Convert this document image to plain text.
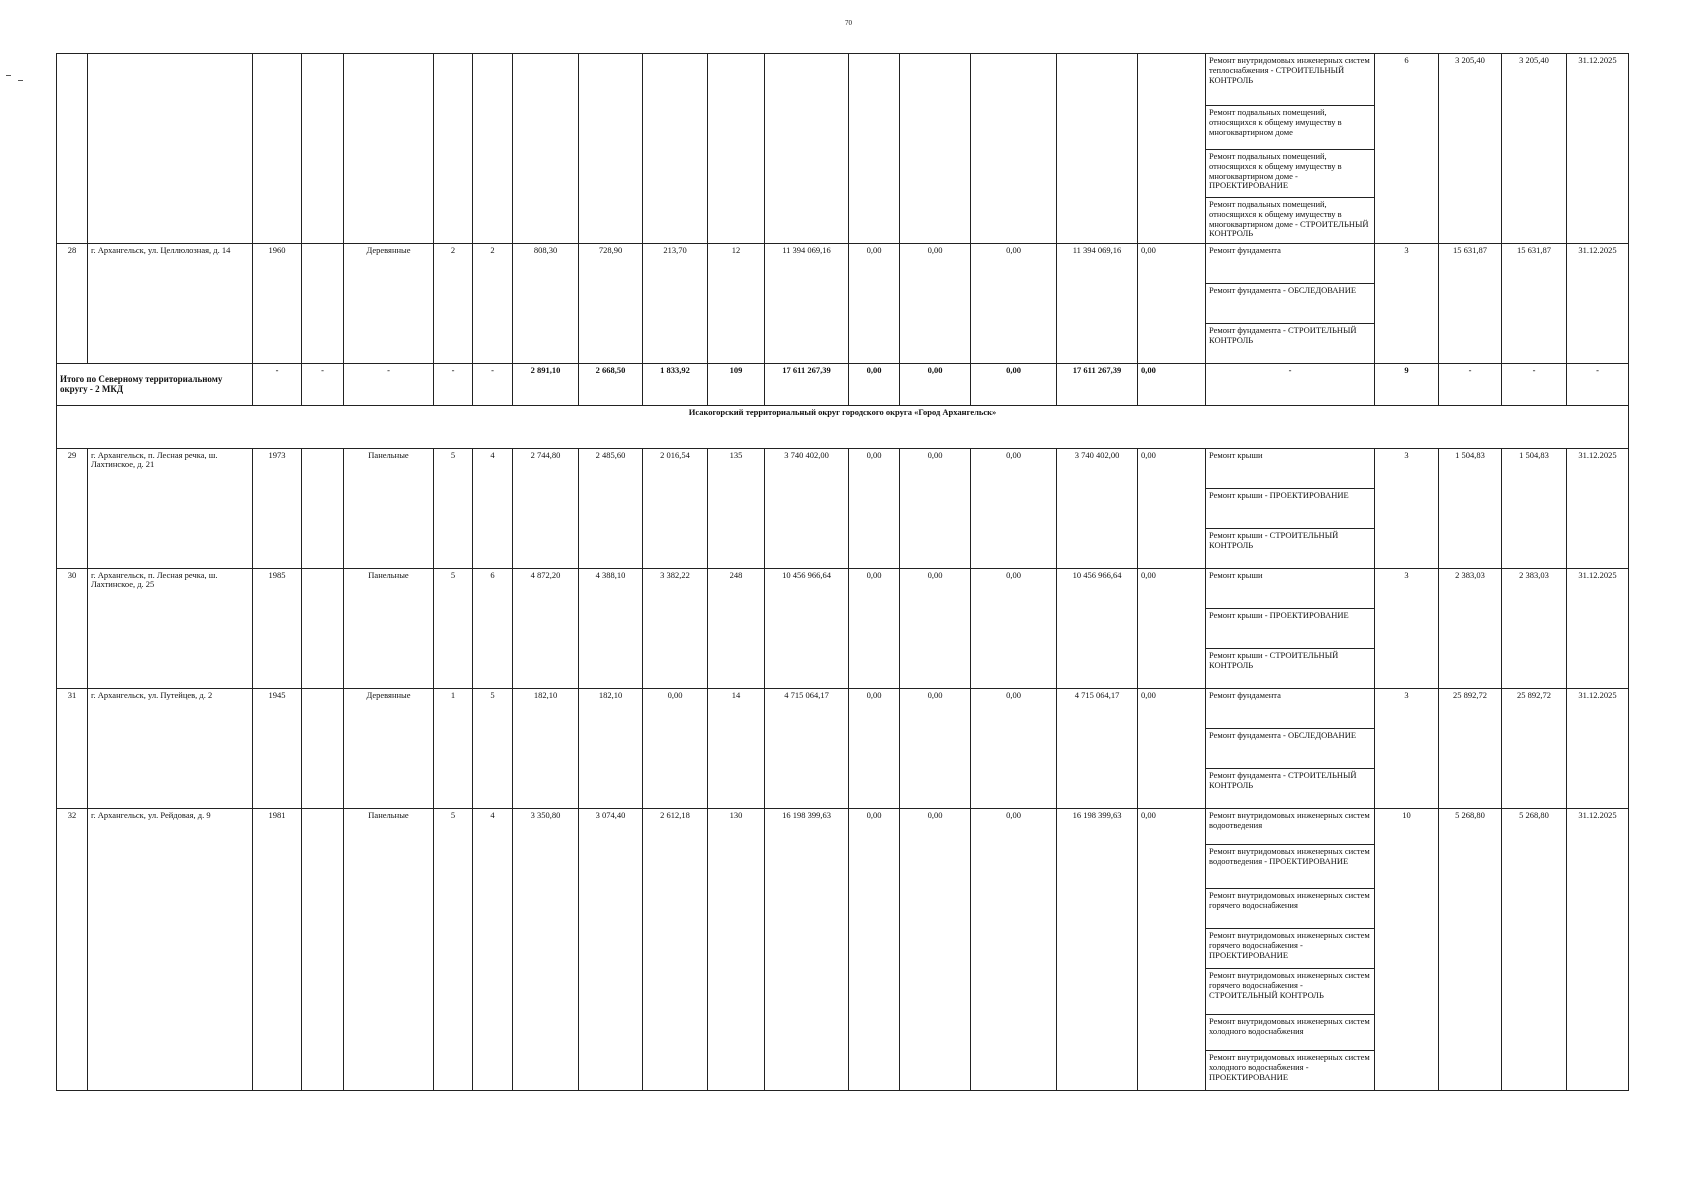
70
																	Ремонт внутридомовых инженерных систем теплоснабжения - СТРОИТЕЛЬНЫЙ КОНТРОЛЬ	6	3 205,40	3 205,40	31.12.2025
																	Ремонт подвальных помещений, относящихся к общему имуществу в многоквартирном доме				
																	Ремонт подвальных помещений, относящихся к общему имуществу в многоквартирном доме - ПРОЕКТИРОВАНИЕ				
																	Ремонт подвальных помещений, относящихся к общему имуществу в многоквартирном доме - СТРОИТЕЛЬНЫЙ КОНТРОЛЬ				
28	г. Архангельск, ул. Целлюлозная, д. 14	1960		Деревянные	2	2	808,30	728,90	213,70	12	11 394 069,16	0,00	0,00	0,00	11 394 069,16	0,00	Ремонт фундамента	3	15 631,87	15 631,87	31.12.2025
																	Ремонт фундамента - ОБСЛЕДОВАНИЕ				
																	Ремонт фундамента - СТРОИТЕЛЬНЫЙ КОНТРОЛЬ				
Итого по Северному территориальному округу - 2 МКД		-	-	-	-	-	2 891,10	2 668,50	1 833,92	109	17 611 267,39	0,00	0,00	0,00	17 611 267,39	0,00	-	9	-	-	-
Исакогорский территориальный округ городского округа «Город Архангельск»																					
29	г. Архангельск, п. Лесная речка, ш. Лахтинское, д. 21	1973		Панельные	5	4	2 744,80	2 485,60	2 016,54	135	3 740 402,00	0,00	0,00	0,00	3 740 402,00	0,00	Ремонт крыши	3	1 504,83	1 504,83	31.12.2025
																	Ремонт крыши - ПРОЕКТИРОВАНИЕ				
																	Ремонт крыши - СТРОИТЕЛЬНЫЙ КОНТРОЛЬ				
30	г. Архангельск, п. Лесная речка, ш. Лахтинское, д. 25	1985		Панельные	5	6	4 872,20	4 388,10	3 382,22	248	10 456 966,64	0,00	0,00	0,00	10 456 966,64	0,00	Ремонт крыши	3	2 383,03	2 383,03	31.12.2025
																	Ремонт крыши - ПРОЕКТИРОВАНИЕ				
																	Ремонт крыши - СТРОИТЕЛЬНЫЙ КОНТРОЛЬ				
31	г. Архангельск, ул. Путейцев, д. 2	1945		Деревянные	1	5	182,10	182,10	0,00	14	4 715 064,17	0,00	0,00	0,00	4 715 064,17	0,00	Ремонт фундамента	3	25 892,72	25 892,72	31.12.2025
																	Ремонт фундамента - ОБСЛЕДОВАНИЕ				
																	Ремонт фундамента - СТРОИТЕЛЬНЫЙ КОНТРОЛЬ				
32	г. Архангельск, ул. Рейдовая, д. 9	1981		Панельные	5	4	3 350,80	3 074,40	2 612,18	130	16 198 399,63	0,00	0,00	0,00	16 198 399,63	0,00	Ремонт внутридомовых инженерных систем водоотведения	10	5 268,80	5 268,80	31.12.2025
																	Ремонт внутридомовых инженерных систем водоотведения - ПРОЕКТИРОВАНИЕ				
																	Ремонт внутридомовых инженерных систем горячего водоснабжения				
																	Ремонт внутридомовых инженерных систем горячего водоснабжения - ПРОЕКТИРОВАНИЕ				
																	Ремонт внутридомовых инженерных систем горячего водоснабжения - СТРОИТЕЛЬНЫЙ КОНТРОЛЬ				
																	Ремонт внутридомовых инженерных систем холодного водоснабжения				
																	Ремонт внутридомовых инженерных систем холодного водоснабжения - ПРОЕКТИРОВАНИЕ				
